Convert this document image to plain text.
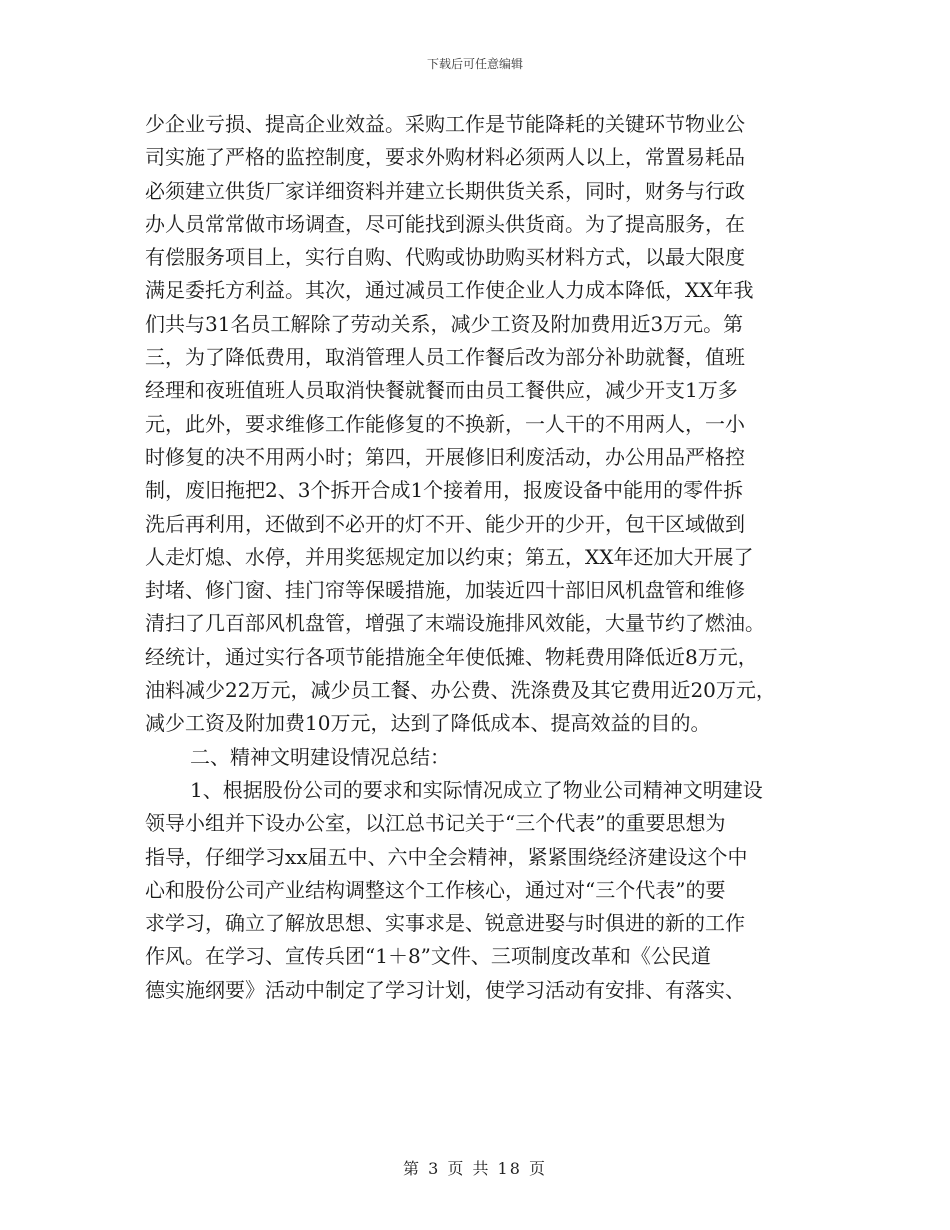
下载后可任意编辑
少企业亏损、提高企业效益。采购工作是节能降耗的关键环节物业公
司实施了严格的监控制度，要求外购材料必须两人以上，常置易耗品
必须建立供货厂家详细资料并建立长期供货关系，同时，财务与行政
办人员常常做市场调查，尽可能找到源头供货商。为了提高服务，在
有偿服务项目上，实行自购、代购或协助购买材料方式，以最大限度
满足委托方利益。其次，通过减员工作使企业人力成本降低，XX年我
们共与31名员工解除了劳动关系，减少工资及附加费用近3万元。第
三，为了降低费用，取消管理人员工作餐后改为部分补助就餐，值班
经理和夜班值班人员取消快餐就餐而由员工餐供应，减少开支1万多
元，此外，要求维修工作能修复的不换新，一人干的不用两人，一小
时修复的决不用两小时；第四，开展修旧利废活动，办公用品严格控
制，废旧拖把2、3个拆开合成1个接着用，报废设备中能用的零件拆
洗后再利用，还做到不必开的灯不开、能少开的少开，包干区域做到
人走灯熄、水停，并用奖惩规定加以约束；第五，XX年还加大开展了
封堵、修门窗、挂门帘等保暖措施，加装近四十部旧风机盘管和维修
清扫了几百部风机盘管，增强了末端设施排风效能，大量节约了燃油。
经统计，通过实行各项节能措施全年使低摊、物耗费用降低近8万元，
油料减少22万元，减少员工餐、办公费、洗涤费及其它费用近20万元，
减少工资及附加费10万元，达到了降低成本、提高效益的目的。
二、精神文明建设情况总结：
1、根据股份公司的要求和实际情况成立了物业公司精神文明建设
领导小组并下设办公室，以江总书记关于“三个代表”的重要思想为
指导，仔细学习xx届五中、六中全会精神，紧紧围绕经济建设这个中
心和股份公司产业结构调整这个工作核心，通过对“三个代表”的要
求学习，确立了解放思想、实事求是、锐意进娶与时俱进的新的工作
作风。在学习、宣传兵团“1＋8”文件、三项制度改革和《公民道
德实施纲要》活动中制定了学习计划，使学习活动有安排、有落实、
第 3 页 共 18 页
